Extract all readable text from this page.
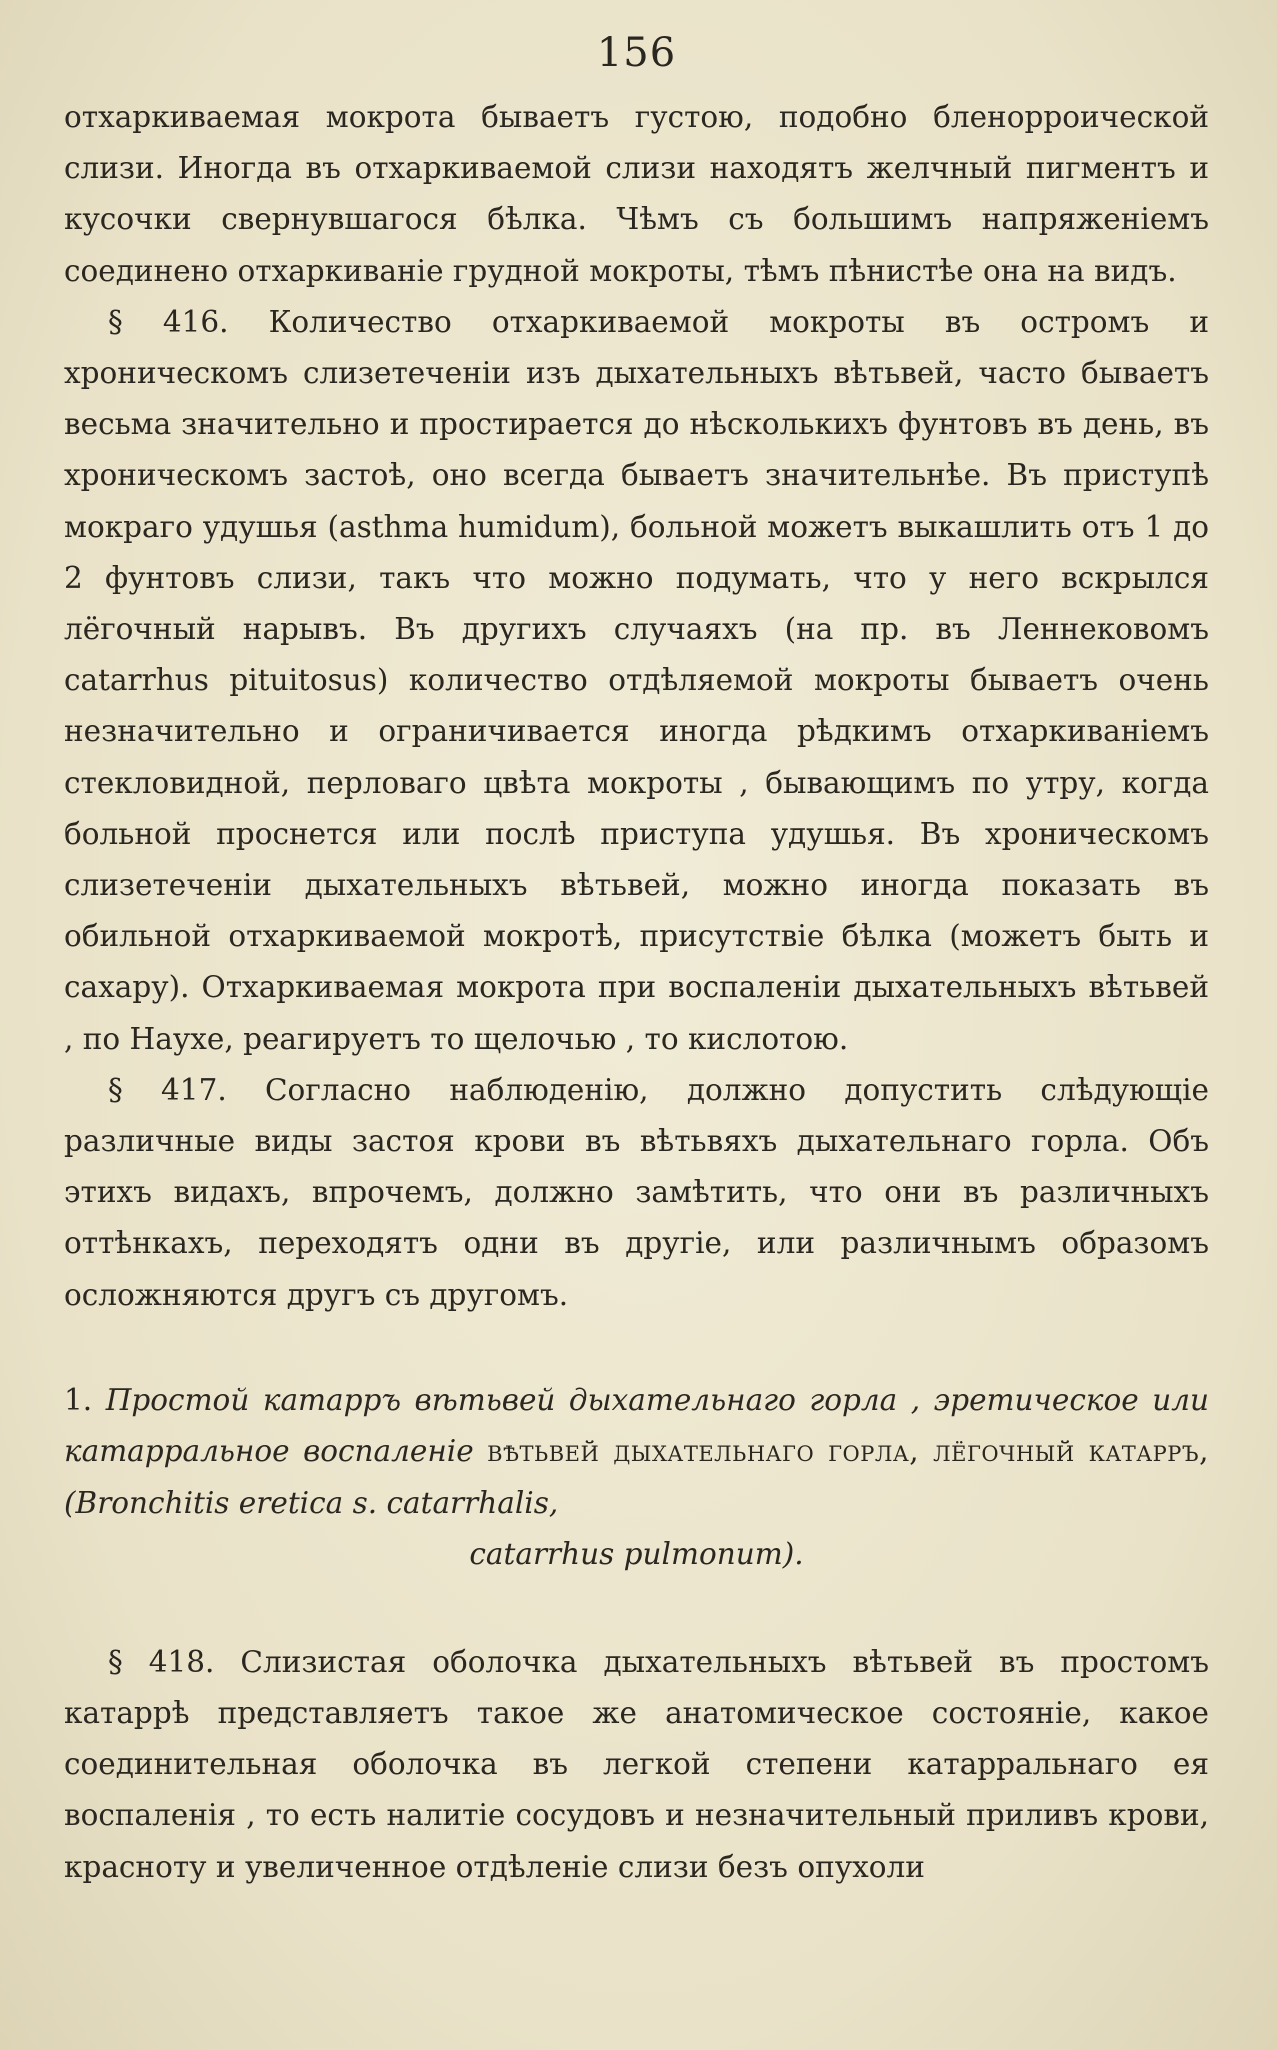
156

отхаркиваемая мокрота бываетъ густою, подобно бленорроической слизи. Иногда въ отхаркиваемой слизи находятъ желчный пигментъ и кусочки свернувшагося бѣлка. Чѣмъ съ большимъ напряженіемъ соединено отхаркиваніе грудной мокроты, тѣмъ пѣнистѣе она на видъ.

§ 416. Количество отхаркиваемой мокроты въ остромъ и хроническомъ слизетеченіи изъ дыхательныхъ вѣтьвей, часто бываетъ весьма значительно и простирается до нѣсколькихъ фунтовъ въ день, въ хроническомъ застоѣ, оно всегда бываетъ значительнѣе. Въ приступѣ мокраго удушья (asthma humidum), больной можетъ выкашлить отъ 1 до 2 фунтовъ слизи, такъ что можно подумать, что у него вскрылся лёгочный нарывъ. Въ другихъ случаяхъ (на пр. въ Леннековомъ catarrhus pituitosus) количество отдѣляемой мокроты бываетъ очень незначительно и ограничивается иногда рѣдкимъ отхаркиваніемъ стекловидной, перловаго цвѣта мокроты , бывающимъ по утру, когда больной проснется или послѣ приступа удушья. Въ хроническомъ слизетеченіи дыхательныхъ вѣтьвей, можно иногда показать въ обильной отхаркиваемой мокротѣ, присутствіе бѣлка (можетъ быть и сахару). Отхаркиваемая мокрота при воспаленіи дыхательныхъ вѣтьвей , по Наухе, реагируетъ то щелочью , то кислотою.

§ 417. Согласно наблюденію, должно допустить слѣдующіе различные виды застоя крови въ вѣтьвяхъ дыхательнаго горла. Объ этихъ видахъ, впрочемъ, должно замѣтить, что они въ различныхъ оттѣнкахъ, переходятъ одни въ другіе, или различнымъ образомъ осложняются другъ съ другомъ.

1. Простой катарръ вѣтьвей дыхательнаго горла , эретическое или катарральное воспаленіе вѣтьвей дыхательнаго горла, лёгочный катарръ, (Bronchitis eretica s. catarrhalis,
catarrhus pulmonum).

§ 418. Слизистая оболочка дыхательныхъ вѣтьвей въ простомъ катаррѣ представляетъ такое же анатомическое состояніе, какое соединительная оболочка въ легкой степени катарральнаго ея воспаленія , то есть налитіе сосудовъ и незначительный приливъ крови, красноту и увеличенное отдѣленіе слизи безъ опухоли
